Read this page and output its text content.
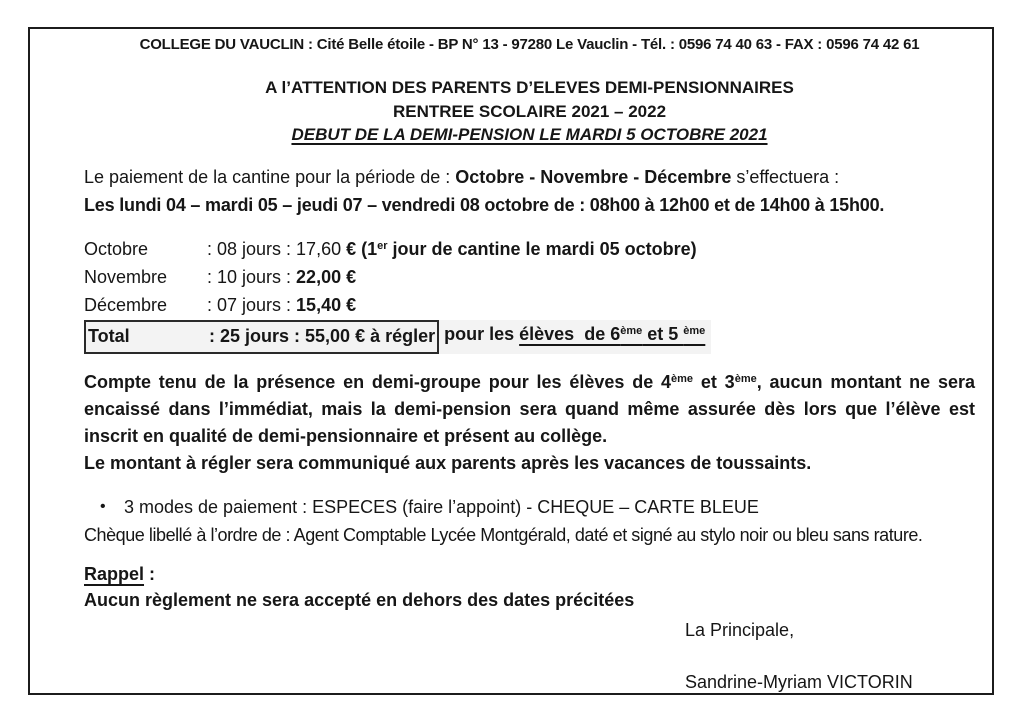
COLLEGE DU VAUCLIN : Cité Belle étoile - BP N° 13 - 97280 Le Vauclin - Tél. : 0596 74 40 63 - FAX : 0596 74 42 61
A l’ATTENTION DES PARENTS D’ELEVES DEMI-PENSIONNAIRES
RENTREE SCOLAIRE 2021 – 2022
DEBUT DE LA DEMI-PENSION LE MARDI 5 OCTOBRE 2021

Le paiement de la cantine pour la période de : Octobre - Novembre - Décembre s’effectuera :

Les lundi 04 – mardi 05 – jeudi 07 – vendredi 08 octobre de : 08h00 à 12h00 et de 14h00 à 15h00.

Octobre	: 08 jours : 17,60 € (1er jour de cantine le mardi 05 octobre)
Novembre	: 10 jours : 22,00 €
Décembre	: 07 jours : 15,40 €
Total	: 25 jours : 55,00 € à régler pour les élèves  de 6ème et 5 $^{ème}$

Compte tenu de la présence en demi-groupe pour les élèves de 4ème et 3ème, aucun montant ne sera encaissé dans l’immédiat, mais la demi-pension sera quand même assurée dès lors que l’élève est inscrit en qualité de demi-pensionnaire et présent au collège.

Le montant à régler sera communiqué aux parents après les vacances de toussaints.

•	3 modes de paiement : ESPECES (faire l’appoint) - CHEQUE – CARTE BLEUE

Chèque libellé à l’ordre de : Agent Comptable Lycée Montgérald, daté et signé au stylo noir ou bleu sans rature.

Rappel :

Aucun règlement ne sera accepté en dehors des dates précitées

La Principale,

Sandrine-Myriam VICTORIN
